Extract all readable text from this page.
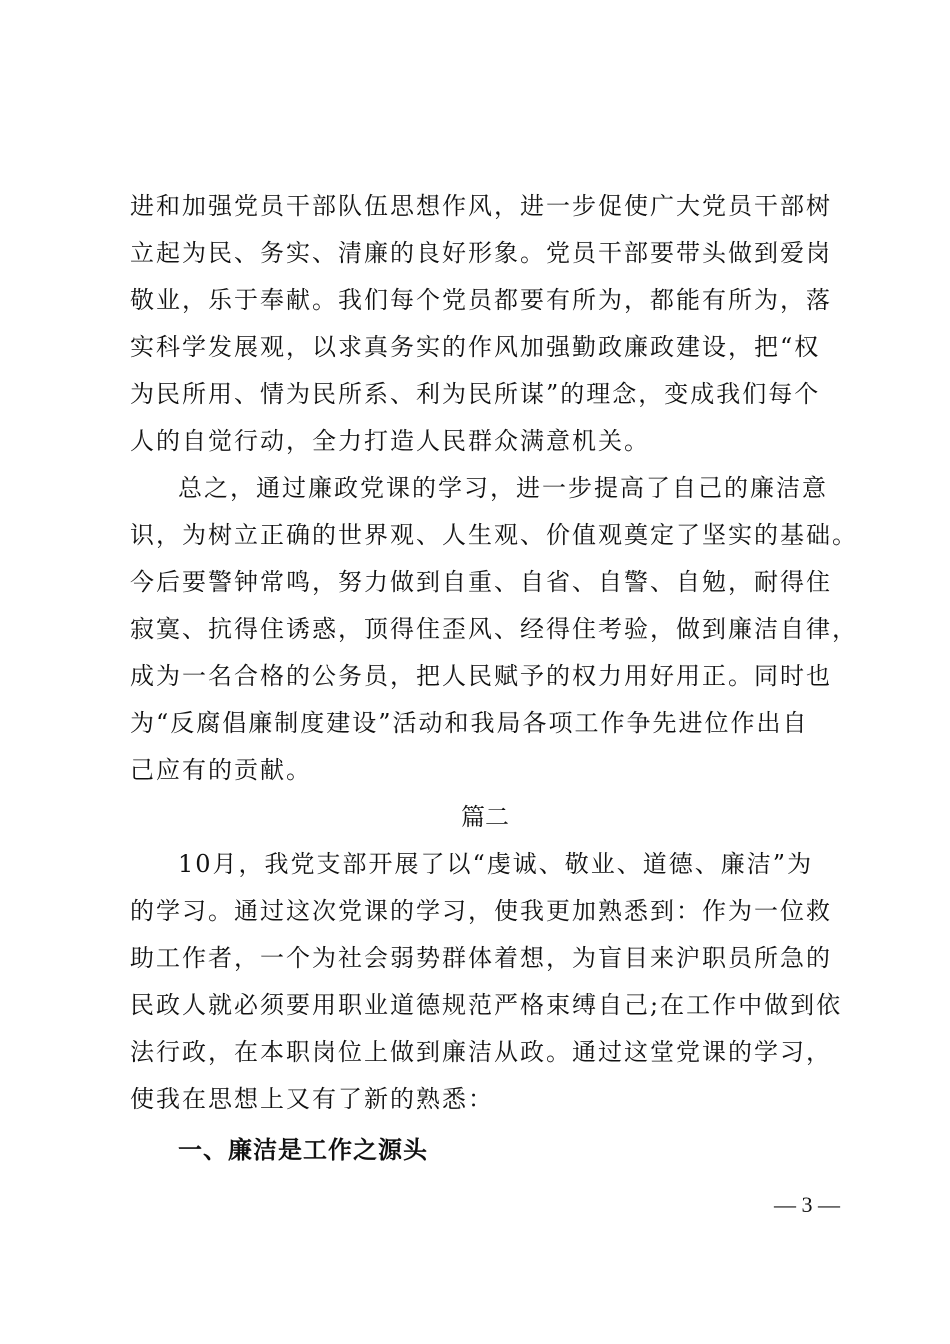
进和加强党员干部队伍思想作风，进一步促使广大党员干部树
立起为民、务实、清廉的良好形象。党员干部要带头做到爱岗
敬业，乐于奉献。我们每个党员都要有所为，都能有所为，落
实科学发展观，以求真务实的作风加强勤政廉政建设，把“权
为民所用、情为民所系、利为民所谋”的理念，变成我们每个
人的自觉行动，全力打造人民群众满意机关。
总之，通过廉政党课的学习，进一步提高了自己的廉洁意
识，为树立正确的世界观、人生观、价值观奠定了坚实的基础。
今后要警钟常鸣，努力做到自重、自省、自警、自勉，耐得住
寂寞、抗得住诱惑，顶得住歪风、经得住考验，做到廉洁自律，
成为一名合格的公务员，把人民赋予的权力用好用正。同时也
为“反腐倡廉制度建设”活动和我局各项工作争先进位作出自
己应有的贡献。
篇二
10月，我党支部开展了以“虔诚、敬业、道德、廉洁”为
的学习。通过这次党课的学习，使我更加熟悉到：作为一位救
助工作者，一个为社会弱势群体着想，为盲目来沪职员所急的
民政人就必须要用职业道德规范严格束缚自己;在工作中做到依
法行政，在本职岗位上做到廉洁从政。通过这堂党课的学习，
使我在思想上又有了新的熟悉：
一、廉洁是工作之源头
— 3 —
